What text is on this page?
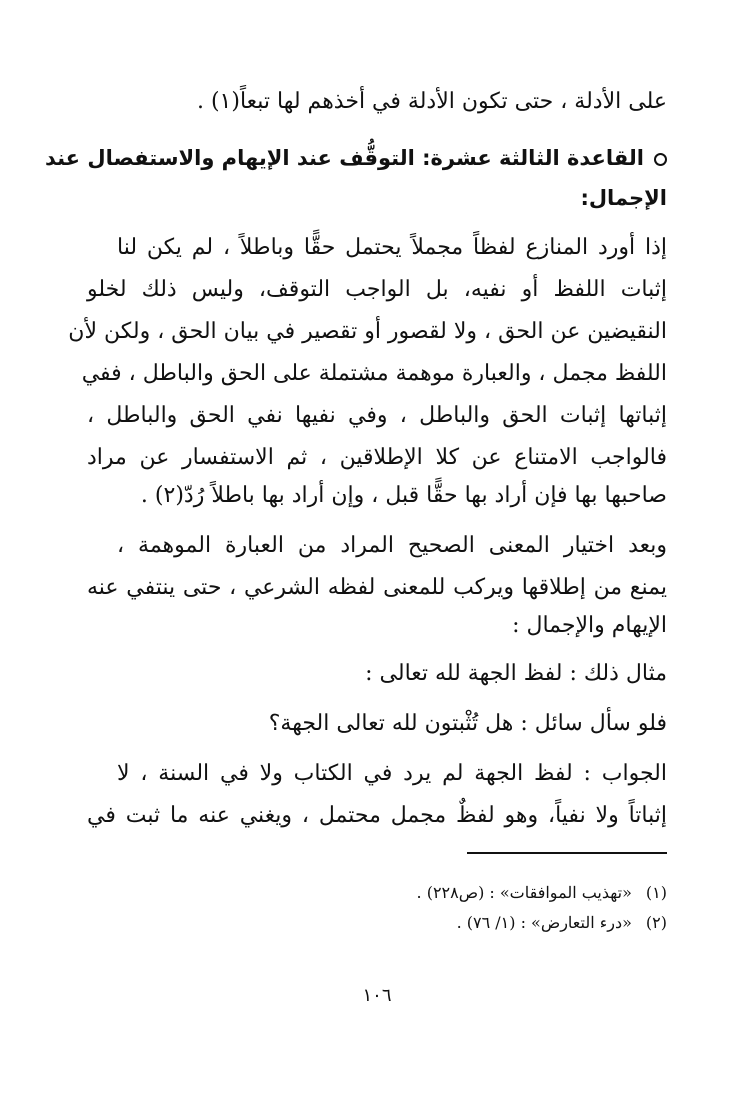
على الأدلة ، حتى تكون الأدلة في أخذهم لها تبعاً(١) .
القاعدة الثالثة عشرة: التوقُّف عند الإيهام والاستفصال عند
الإجمال:
إذا أورد المنازع لفظاً مجملاً يحتمل حقًّا وباطلاً ، لم يكن لنا
إثبات اللفظ أو نفيه، بل الواجب التوقف، وليس ذلك لخلو
النقيضين عن الحق ، ولا لقصور أو تقصير في بيان الحق ، ولكن لأن
اللفظ مجمل ، والعبارة موهمة مشتملة على الحق والباطل ، ففي
إثباتها إثبات الحق والباطل ، وفي نفيها نفي الحق والباطل ،
فالواجب الامتناع عن كلا الإطلاقين ، ثم الاستفسار عن مراد
صاحبها بها فإن أراد بها حقًّا قبل ، وإن أراد بها باطلاً رُدّ(٢) .
وبعد اختيار المعنى الصحيح المراد من العبارة الموهمة ،
يمنع من إطلاقها ويركب للمعنى لفظه الشرعي ، حتى ينتفي عنه
الإيهام والإجمال :
مثال ذلك : لفظ الجهة لله تعالى :
فلو سأل سائل : هل تُثْبتون لله تعالى الجهة؟
الجواب : لفظ الجهة لم يرد في الكتاب ولا في السنة ، لا
إثباتاً ولا نفياً، وهو لفظٌ مجمل محتمل ، ويغني عنه ما ثبت في
(١)«تهذيب الموافقات» : (ص٢٢٨) .
(٢)«درء التعارض» : (١/ ٧٦) .
١٠٦
